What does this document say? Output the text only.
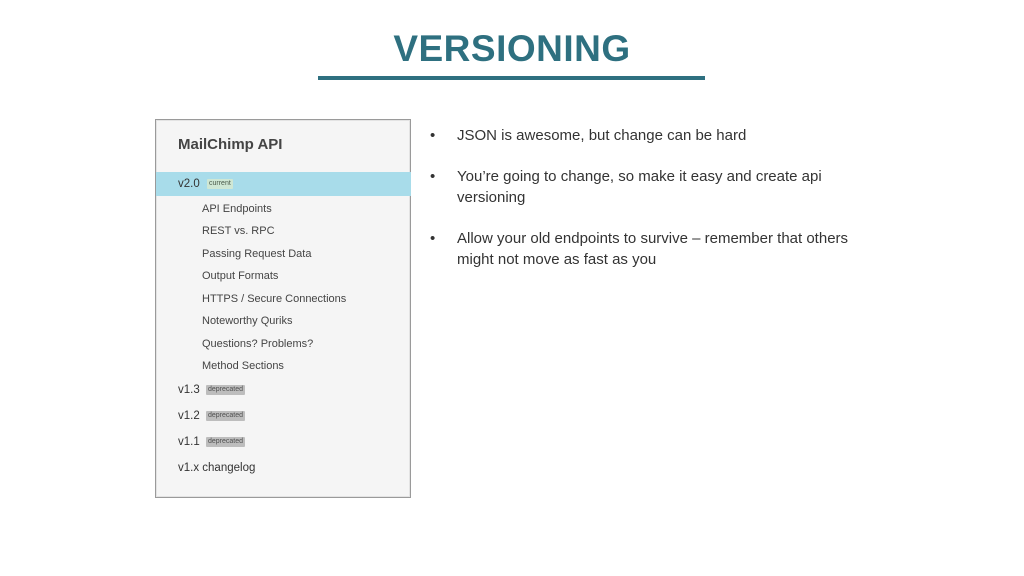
VERSIONING
MailChimp API
v2.0 current
API Endpoints
REST vs. RPC
Passing Request Data
Output Formats
HTTPS / Secure Connections
Noteworthy Quriks
Questions? Problems?
Method Sections
v1.3 deprecated
v1.2 deprecated
v1.1 deprecated
v1.x changelog
• JSON is awesome, but change can be hard
• You’re going to change, so make it easy and create api versioning
• Allow your old endpoints to survive – remember that others might not move as fast as you
